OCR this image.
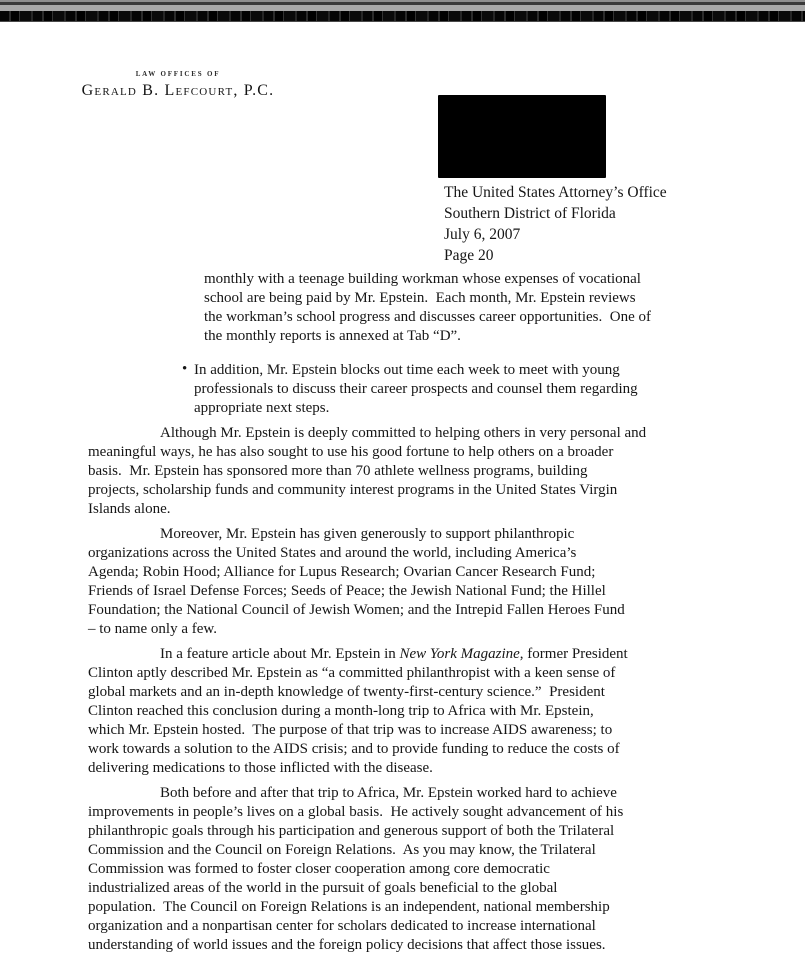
LAW OFFICES OF
Gerald B. Lefcourt, P.C.
The United States Attorney’s Office
Southern District of Florida
July 6, 2007
Page 20
monthly with a teenage building workman whose expenses of vocational
school are being paid by Mr. Epstein.  Each month, Mr. Epstein reviews
the workman’s school progress and discusses career opportunities.  One of
the monthly reports is annexed at Tab “D”.
• In addition, Mr. Epstein blocks out time each week to meet with young
professionals to discuss their career prospects and counsel them regarding
appropriate next steps.
Although Mr. Epstein is deeply committed to helping others in very personal and
meaningful ways, he has also sought to use his good fortune to help others on a broader
basis.  Mr. Epstein has sponsored more than 70 athlete wellness programs, building
projects, scholarship funds and community interest programs in the United States Virgin
Islands alone.
Moreover, Mr. Epstein has given generously to support philanthropic
organizations across the United States and around the world, including America’s
Agenda; Robin Hood; Alliance for Lupus Research; Ovarian Cancer Research Fund;
Friends of Israel Defense Forces; Seeds of Peace; the Jewish National Fund; the Hillel
Foundation; the National Council of Jewish Women; and the Intrepid Fallen Heroes Fund
– to name only a few.
In a feature article about Mr. Epstein in New York Magazine, former President
Clinton aptly described Mr. Epstein as “a committed philanthropist with a keen sense of
global markets and an in-depth knowledge of twenty-first-century science.”  President
Clinton reached this conclusion during a month-long trip to Africa with Mr. Epstein,
which Mr. Epstein hosted.  The purpose of that trip was to increase AIDS awareness; to
work towards a solution to the AIDS crisis; and to provide funding to reduce the costs of
delivering medications to those inflicted with the disease.
Both before and after that trip to Africa, Mr. Epstein worked hard to achieve
improvements in people’s lives on a global basis.  He actively sought advancement of his
philanthropic goals through his participation and generous support of both the Trilateral
Commission and the Council on Foreign Relations.  As you may know, the Trilateral
Commission was formed to foster closer cooperation among core democratic
industrialized areas of the world in the pursuit of goals beneficial to the global
population.  The Council on Foreign Relations is an independent, national membership
organization and a nonpartisan center for scholars dedicated to increase international
understanding of world issues and the foreign policy decisions that affect those issues.
